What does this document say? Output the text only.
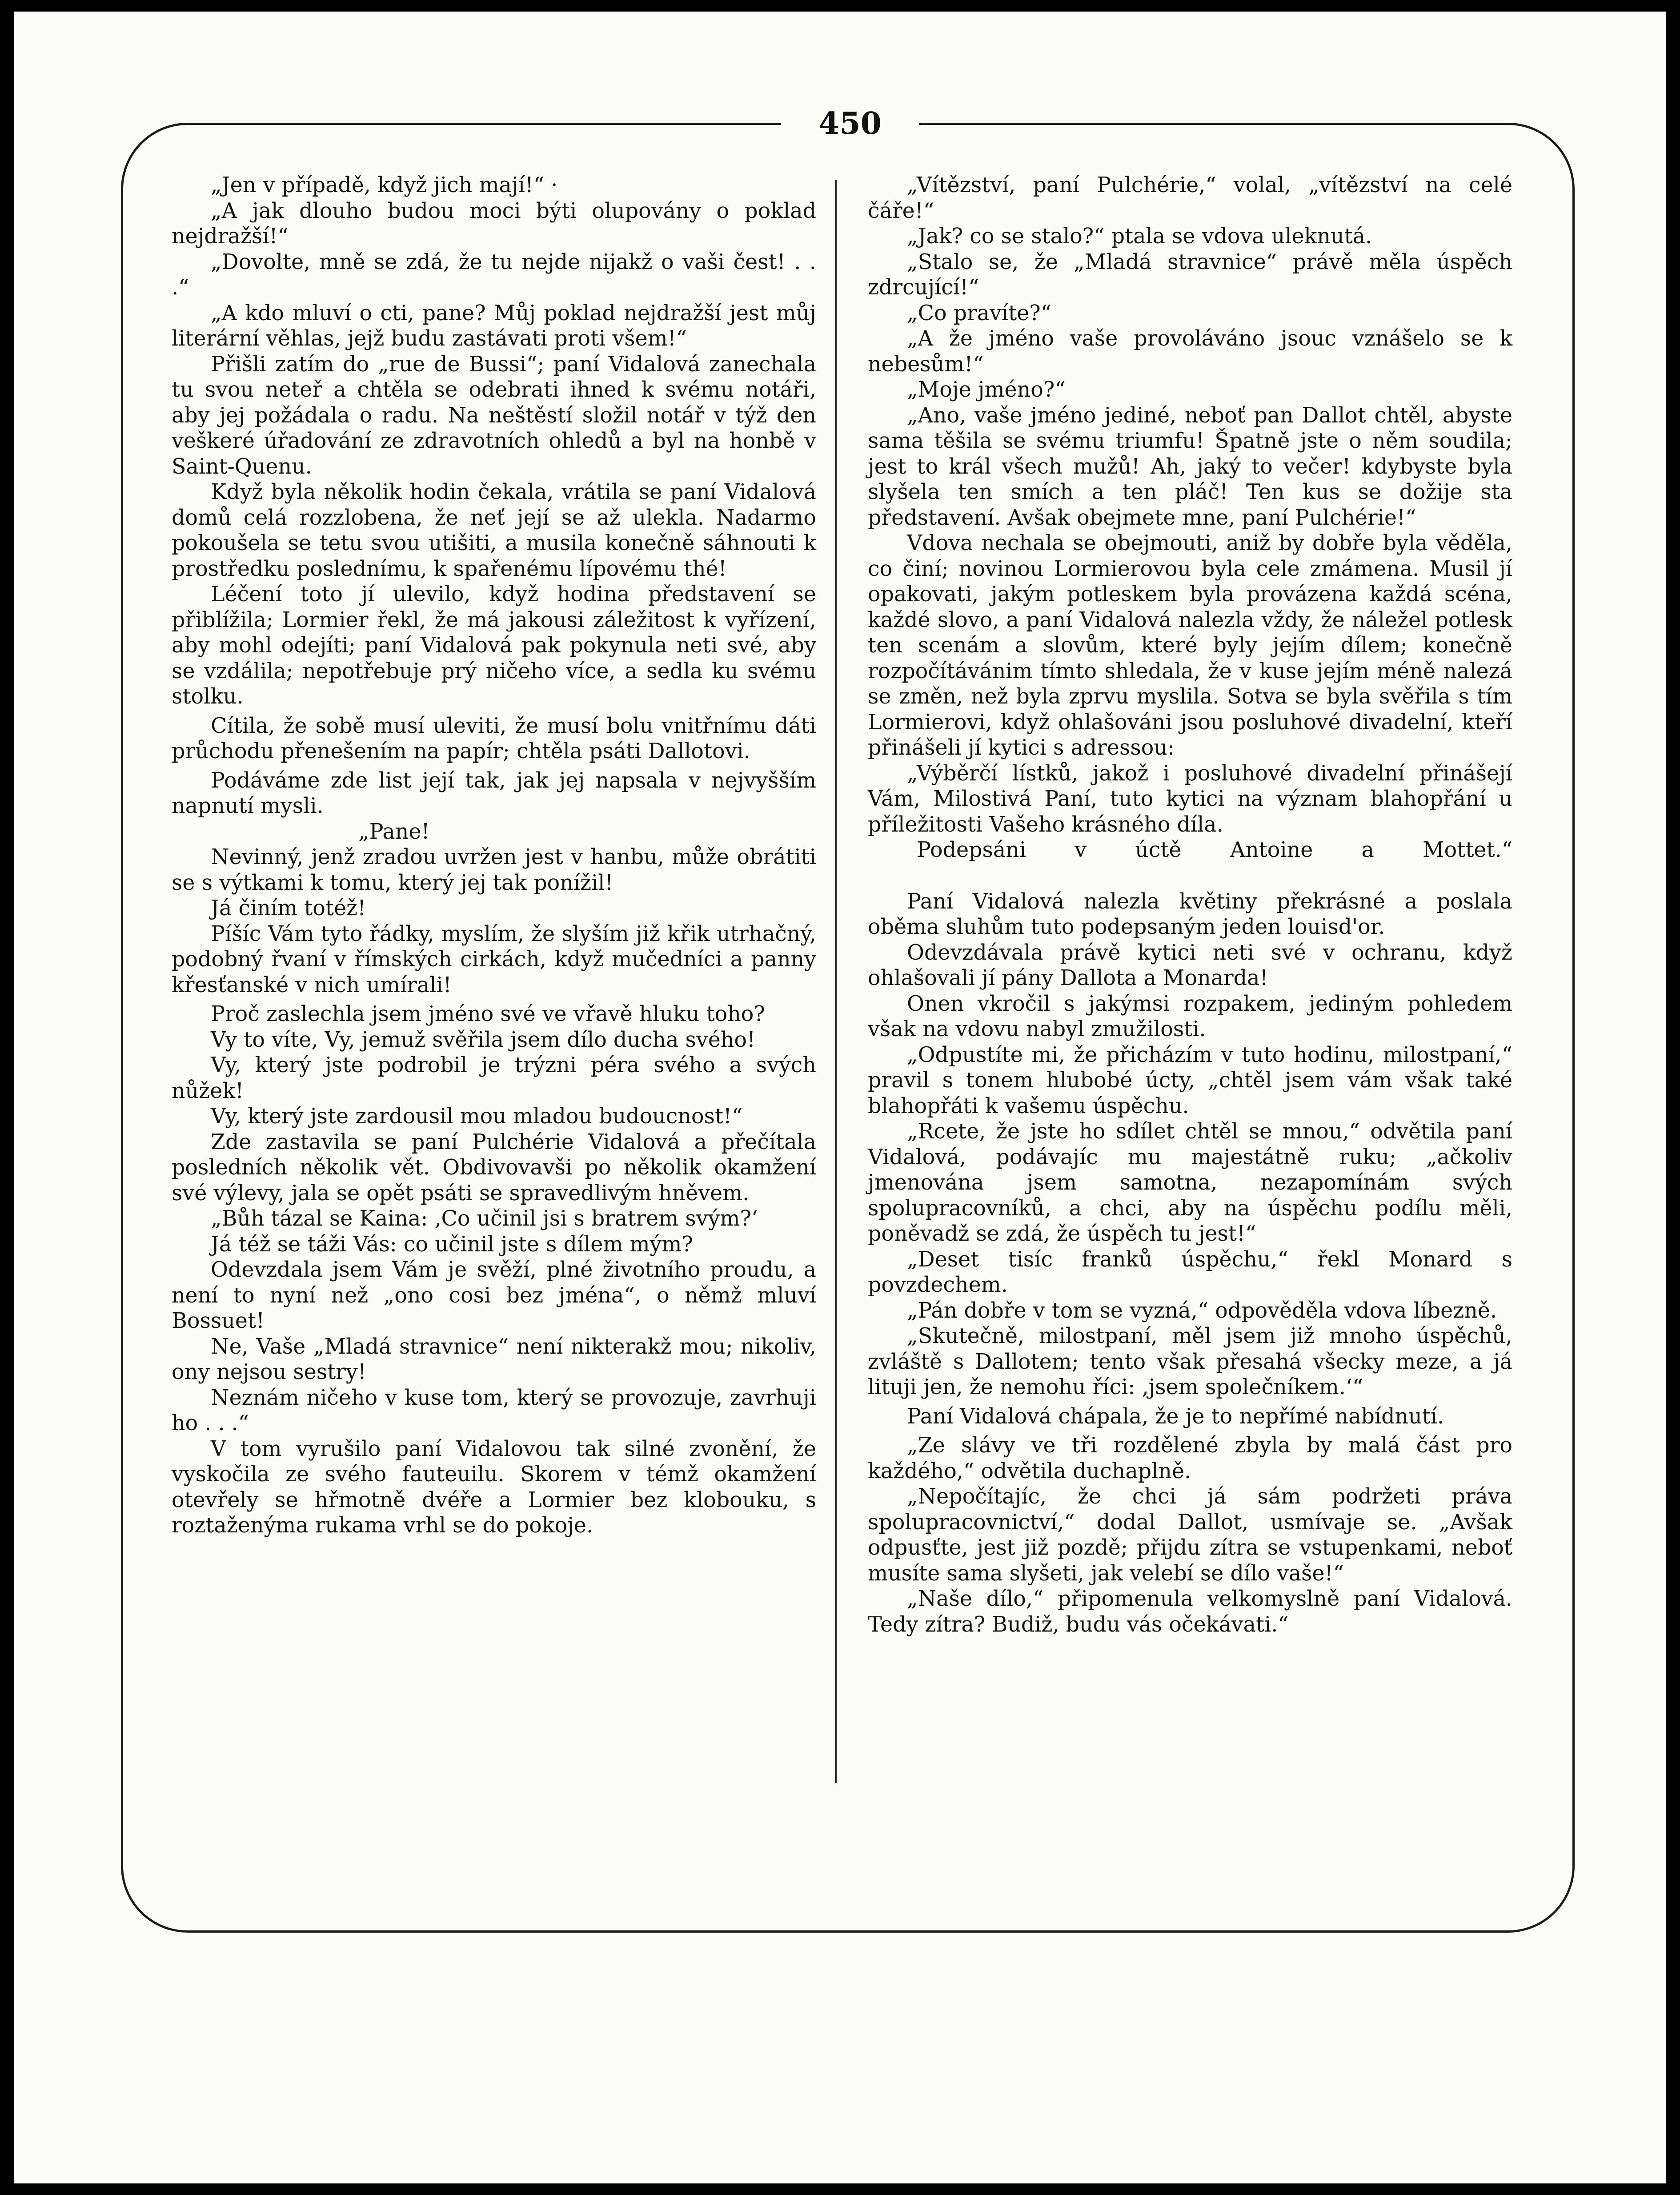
450

„Jen v případě, když jich mají!“ ·

„A jak dlouho budou moci býti olupovány o poklad nejdražší!“

„Dovolte, mně se zdá, že tu nejde nijakž o vaši čest! . . .“

„A kdo mluví o cti, pane? Můj poklad nejdražší jest můj literární věhlas, jejž budu zastávati proti všem!“

Přišli zatím do „rue de Bussi“; paní Vidalová zanechala tu svou neteř a chtěla se odebrati ihned k svému notáři, aby jej požádala o radu. Na neštěstí složil notář v týž den veškeré úřadování ze zdravotních ohledů a byl na honbě v Saint-Quenu.

Když byla několik hodin čekala, vrátila se paní Vidalová domů celá rozzlobena, že neť její se až ulekla. Nadarmo pokoušela se tetu svou utišiti, a musila konečně sáhnouti k prostředku poslednímu, k spařenému lípovému thé!

Léčení toto jí ulevilo, když hodina představení se přiblížila; Lormier řekl, že má jakousi záležitost k vyřízení, aby mohl odejíti; paní Vidalová pak pokynula neti své, aby se vzdálila; nepotřebuje prý ničeho více, a sedla ku svému stolku.

Cítila, že sobě musí uleviti, že musí bolu vnitřnímu dáti průchodu přenešením na papír; chtěla psáti Dallotovi.

Podáváme zde list její tak, jak jej napsala v nejvyšším napnutí mysli.

„Pane!

Nevinný, jenž zradou uvržen jest v hanbu, může obrátiti se s výtkami k tomu, který jej tak ponížil!

Já činím totéž!

Píšíc Vám tyto řádky, myslím, že slyším již křik utrhačný, podobný řvaní v římských cirkách, když mučedníci a panny křesťanské v nich umírali!

Proč zaslechla jsem jméno své ve vřavě hluku toho?

Vy to víte, Vy, jemuž svěřila jsem dílo ducha svého!

Vy, který jste podrobil je trýzni péra svého a svých nůžek!

Vy, který jste zardousil mou mladou budoucnost!“

Zde zastavila se paní Pulchérie Vidalová a přečítala posledních několik vět. Obdivovavši po několik okamžení své výlevy, jala se opět psáti se spravedlivým hněvem.

„Bůh tázal se Kaina: ‚Co učinil jsi s bratrem svým?‘

Já též se táži Vás: co učinil jste s dílem mým?

Odevzdala jsem Vám je svěží, plné životního proudu, a není to nyní než „ono cosi bez jména“, o němž mluví Bossuet!

Ne, Vaše „Mladá stravnice“ není nikterakž mou; nikoliv, ony nejsou sestry!

Neznám ničeho v kuse tom, který se provozuje, zavrhuji ho . . .“

V tom vyrušilo paní Vidalovou tak silné zvonění, že vyskočila ze svého fauteuilu. Skorem v témž okamžení otevřely se hřmotně dvéře a Lormier bez klobouku, s roztaženýma rukama vrhl se do pokoje.

„Vítězství, paní Pulchérie,“ volal, „vítězství na celé čáře!“

„Jak? co se stalo?“ ptala se vdova uleknutá.

„Stalo se, že „Mladá stravnice“ právě měla úspěch zdrcující!“

„Co pravíte?“

„A že jméno vaše provoláváno jsouc vznášelo se k nebesům!“

„Moje jméno?“

„Ano, vaše jméno jediné, neboť pan Dallot chtěl, abyste sama těšila se svému triumfu! Špatně jste o něm soudila; jest to král všech mužů! Ah, jaký to večer! kdybyste byla slyšela ten smích a ten pláč! Ten kus se dožije sta představení. Avšak obejmete mne, paní Pulchérie!“

Vdova nechala se obejmouti, aniž by dobře byla věděla, co činí; novinou Lormierovou byla cele zmámena. Musil jí opakovati, jakým potleskem byla provázena každá scéna, každé slovo, a paní Vidalová nalezla vždy, že náležel potlesk ten scenám a slovům, které byly jejím dílem; konečně rozpočítávánim tímto shledala, že v kuse jejím méně nalezá se změn, než byla zprvu myslila. Sotva se byla svěřila s tím Lormierovi, když ohlašováni jsou posluhové divadelní, kteří přinášeli jí kytici s adressou:

„Výběrčí lístků, jakož i posluhové divadelní přinášejí Vám, Milostivá Paní, tuto kytici na význam blahopřání u příležitosti Vašeho krásného díla.

Podepsáni v úctě Antoine a Mottet.“

Paní Vidalová nalezla květiny překrásné a poslala oběma sluhům tuto podepsaným jeden louisd'or.

Odevzdávala právě kytici neti své v ochranu, když ohlašovali jí pány Dallota a Monarda!

Onen vkročil s jakýmsi rozpakem, jediným pohledem však na vdovu nabyl zmužilosti.

„Odpustíte mi, že přicházím v tuto hodinu, milostpaní,“ pravil s tonem hlubobé úcty, „chtěl jsem vám však také blahopřáti k vašemu úspěchu.

„Rcete, že jste ho sdílet chtěl se mnou,“ odvětila paní Vidalová, podávajíc mu majestátně ruku; „ačkoliv jmenována jsem samotna, nezapomínám svých spolupracovníků, a chci, aby na úspěchu podílu měli, poněvadž se zdá, že úspěch tu jest!“

„Deset tisíc franků úspěchu,“ řekl Monard s povzdechem.

„Pán dobře v tom se vyzná,“ odpověděla vdova líbezně.

„Skutečně, milostpaní, měl jsem již mnoho úspěchů, zvláště s Dallotem; tento však přesahá všecky meze, a já lituji jen, že nemohu říci: ‚jsem společníkem.‘“

Paní Vidalová chápala, že je to nepřímé nabídnutí.

„Ze slávy ve tři rozdělené zbyla by malá část pro každého,“ odvětila duchaplně.

„Nepočítajíc, že chci já sám podržeti práva spolupracovnictví,“ dodal Dallot, usmívaje se. „Avšak odpusťte, jest již pozdě; přijdu zítra se vstupenkami, neboť musíte sama slyšeti, jak velebí se dílo vaše!“

„Naše dílo,“ připomenula velkomyslně paní Vidalová. Tedy zítra? Budiž, budu vás očekávati.“
